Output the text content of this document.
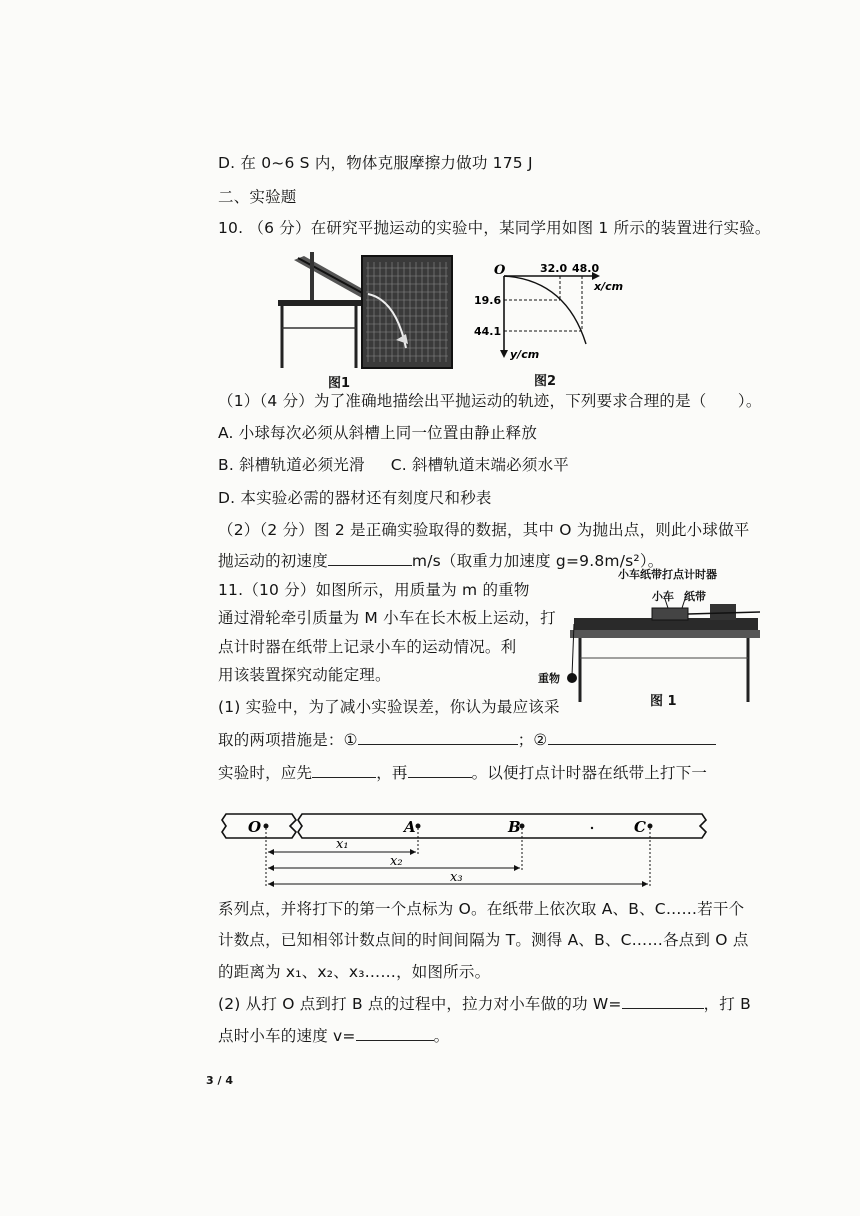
D. 在 0~6 S 内，物体克服摩擦力做功 175 J
二、实验题
10. （6 分）在研究平抛运动的实验中，某同学用如图 1 所示的装置进行实验。
图1
O	32.0 48.0
x/cm
19.6
44.1
y/cm
图2
（1）（4 分）为了准确地描绘出平抛运动的轨迹，下列要求合理的是（　　）。
A. 小球每次必须从斜槽上同一位置由静止释放
B. 斜槽轨道必须光滑 C. 斜槽轨道末端必须水平
D. 本实验必需的器材还有刻度尺和秒表
（2）（2 分）图 2 是正确实验取得的数据，其中 O 为抛出点，则此小球做平
抛运动的初速度	m/s（取重力加速度 g=9.8m/s²）。
11.（10 分）如图所示，用质量为 m 的重物
通过滑轮牵引质量为 M 小车在长木板上运动，打
点计时器在纸带上记录小车的运动情况。利
用该装置探究动能定理。
(1) 实验中，为了减小实验误差，你认为最应该采
小车纸带打点计时器
小车 纸带
重物
图 1
取的两项措施是：①	；②
实验时，应先	，再	。以便打点计时器在纸带上打下一
O	A	B	C
x₁
x₂
x₃
系列点，并将打下的第一个点标为 O。在纸带上依次取 A、B、C……若干个
计数点，已知相邻计数点间的时间间隔为 T。测得 A、B、C……各点到 O 点
的距离为 x₁、x₂、x₃……，如图所示。
(2) 从打 O 点到打 B 点的过程中，拉力对小车做的功 W=	，打 B
点时小车的速度 v=	。
3 / 4
